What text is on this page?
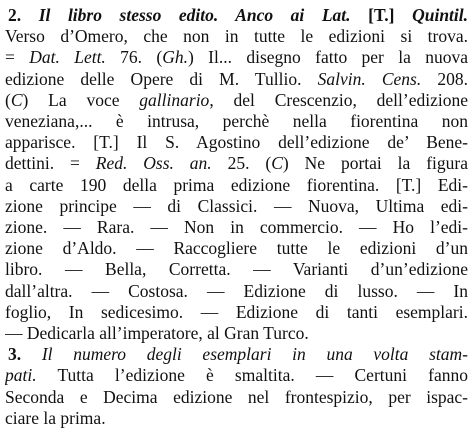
2. Il libro stesso edito. Anco ai Lat. [T.] Quintil.
Verso d’Omero, che non in tutte le edizioni si trova.
= Dat. Lett. 76. (Gh.) Il... disegno fatto per la nuova
edizione delle Opere di M. Tullio. Salvin. Cens. 208.
(C) La voce gallinario, del Crescenzio, dell’edizione
veneziana,... è intrusa, perchè nella fiorentina non
apparisce. [T.] Il S. Agostino dell’edizione de’ Bene-
dettini. = Red. Oss. an. 25. (C) Ne portai la figura
a carte 190 della prima edizione fiorentina. [T.] Edi-
zione principe — di Classici. — Nuova, Ultima edi-
zione. — Rara. — Non in commercio. — Ho l’edi-
zione d’Aldo. — Raccogliere tutte le edizioni d’un
libro. — Bella, Corretta. — Varianti d’un’edizione
dall’altra. — Costosa. — Edizione di lusso. — In
foglio, In sedicesimo. — Edizione di tanti esemplari.
— Dedicarla all’imperatore, al Gran Turco.
3. Il numero degli esemplari in una volta stam-
pati. Tutta l’edizione è smaltita. — Certuni fanno
Seconda e Decima edizione nel frontespizio, per ispac-
ciare la prima.
